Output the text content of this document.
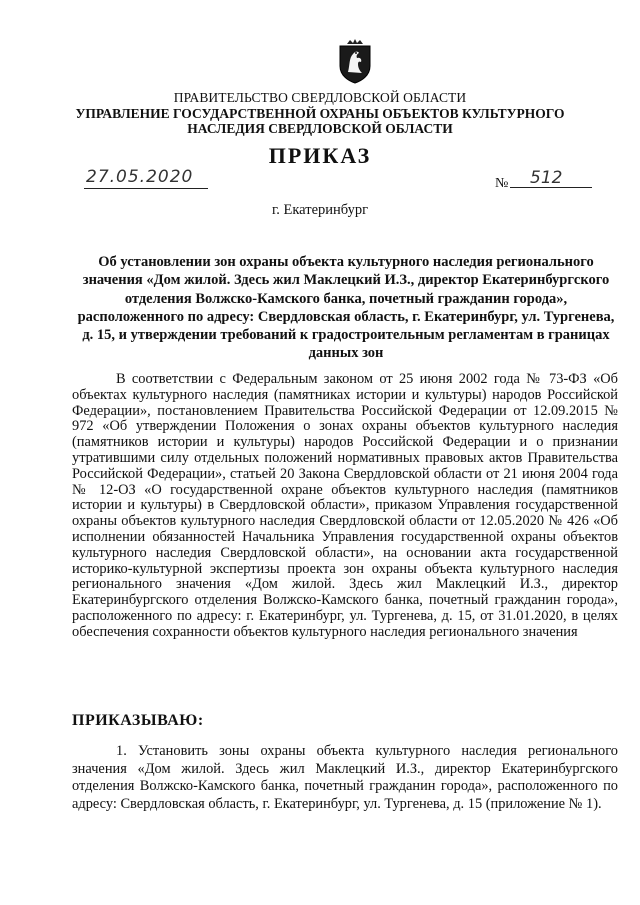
ПРАВИТЕЛЬСТВО СВЕРДЛОВСКОЙ ОБЛАСТИ
УПРАВЛЕНИЕ ГОСУДАРСТВЕННОЙ ОХРАНЫ ОБЪЕКТОВ КУЛЬТУРНОГО НАСЛЕДИЯ СВЕРДЛОВСКОЙ ОБЛАСТИ
ПРИКАЗ
27.05.2020	№	512
г. Екатеринбург
Об установлении зон охраны объекта культурного наследия регионального значения «Дом жилой. Здесь жил Маклецкий И.З., директор Екатеринбургского отделения Волжско-Камского банка, почетный гражданин города», расположенного по адресу: Свердловская область, г. Екатеринбург, ул. Тургенева, д. 15, и утверждении требований к градостроительным регламентам в границах данных зон
В соответствии с Федеральным законом от 25 июня 2002 года № 73-ФЗ «Об объектах культурного наследия (памятниках истории и культуры) народов Российской Федерации», постановлением Правительства Российской Федерации от 12.09.2015 № 972 «Об утверждении Положения о зонах охраны объектов культурного наследия (памятников истории и культуры) народов Российской Федерации и о признании утратившими силу отдельных положений нормативных правовых актов Правительства Российской Федерации», статьей 20 Закона Свердловской области от 21 июня 2004 года № 12-ОЗ «О государственной охране объектов культурного наследия (памятников истории и культуры) в Свердловской области», приказом Управления государственной охраны объектов культурного наследия Свердловской области от 12.05.2020 № 426 «Об исполнении обязанностей Начальника Управления государственной охраны объектов культурного наследия Свердловской области», на основании акта государственной историко-культурной экспертизы проекта зон охраны объекта культурного наследия регионального значения «Дом жилой. Здесь жил Маклецкий И.З., директор Екатеринбургского отделения Волжско-Камского банка, почетный гражданин города», расположенного по адресу: г. Екатеринбург, ул. Тургенева, д. 15, от 31.01.2020, в целях обеспечения сохранности объектов культурного наследия регионального значения
ПРИКАЗЫВАЮ:
1. Установить зоны охраны объекта культурного наследия регионального значения «Дом жилой. Здесь жил Маклецкий И.З., директор Екатеринбургского отделения Волжско-Камского банка, почетный гражданин города», расположенного по адресу: Свердловская область, г. Екатеринбург, ул. Тургенева, д. 15 (приложение № 1).
